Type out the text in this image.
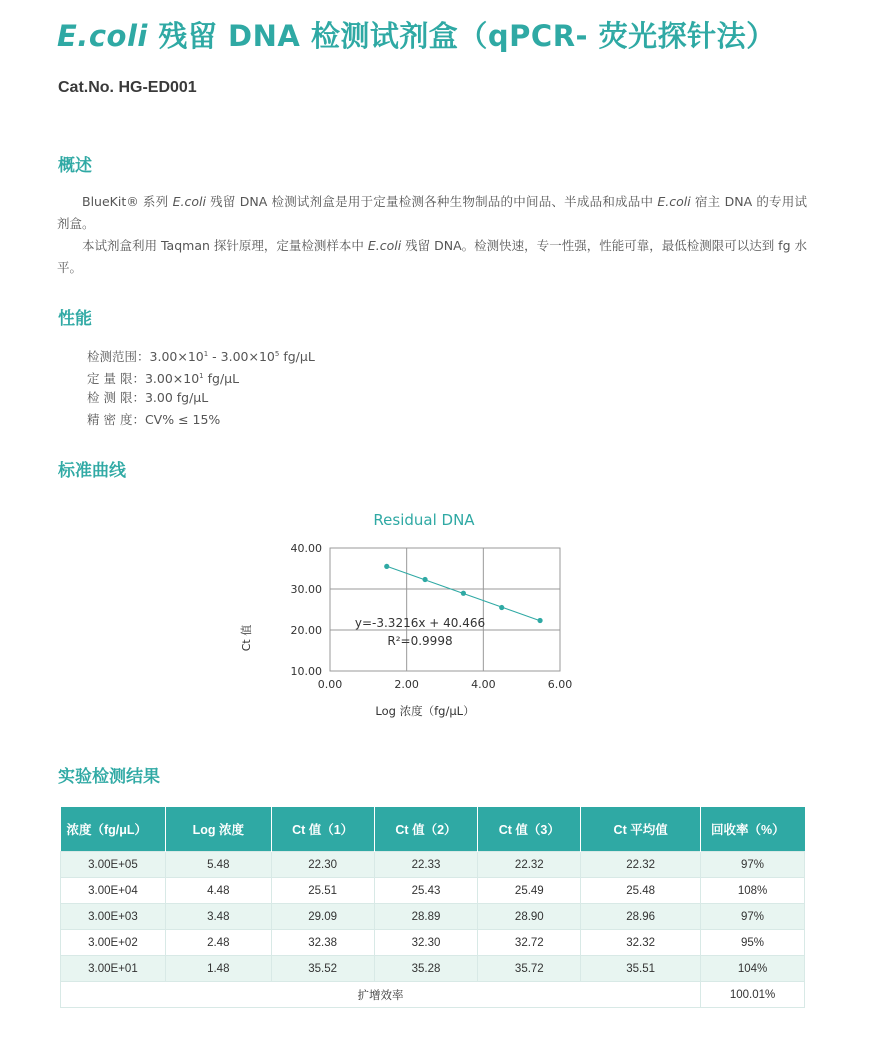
E.coli 残留 DNA 检测试剂盒（qPCR- 荧光探针法）
Cat.No. HG-ED001
概述

BlueKit® 系列 E.coli 残留 DNA 检测试剂盒是用于定量检测各种生物制品的中间品、半成品和成品中 E.coli 宿主 DNA 的专用试剂盒。

本试剂盒利用 Taqman 探针原理，定量检测样本中 E.coli 残留 DNA。检测快速，专一性强，性能可靠，最低检测限可以达到 fg 水平。

性能
检测范围：$3.00\times 10^1 - 3.00\times 10^5$ fg/μL
定 量 限：$3.00\times 10^1$ fg/μL
检 测 限：3.00 fg/μL
精 密 度：CV% ≤ 15%
标准曲线
Residual DNA
0.00	2.00	4.00	6.00
10.00
20.00
30.00
40.00
y=-3.3216x + 40.466
R²=0.9998
Ct 值
Log 浓度（fg/μL）
实验检测结果
浓度（fg/μL）	Log 浓度	Ct 值（1）	Ct 值（2）	Ct 值（3）	Ct 平均值	回收率（%）
3.00E+05	5.48	22.30	22.33	22.32	22.32	97%
3.00E+04	4.48	25.51	25.43	25.49	25.48	108%
3.00E+03	3.48	29.09	28.89	28.90	28.96	97%
3.00E+02	2.48	32.38	32.30	32.72	32.32	95%
3.00E+01	1.48	35.52	35.28	35.72	35.51	104%
扩增效率						100.01%
